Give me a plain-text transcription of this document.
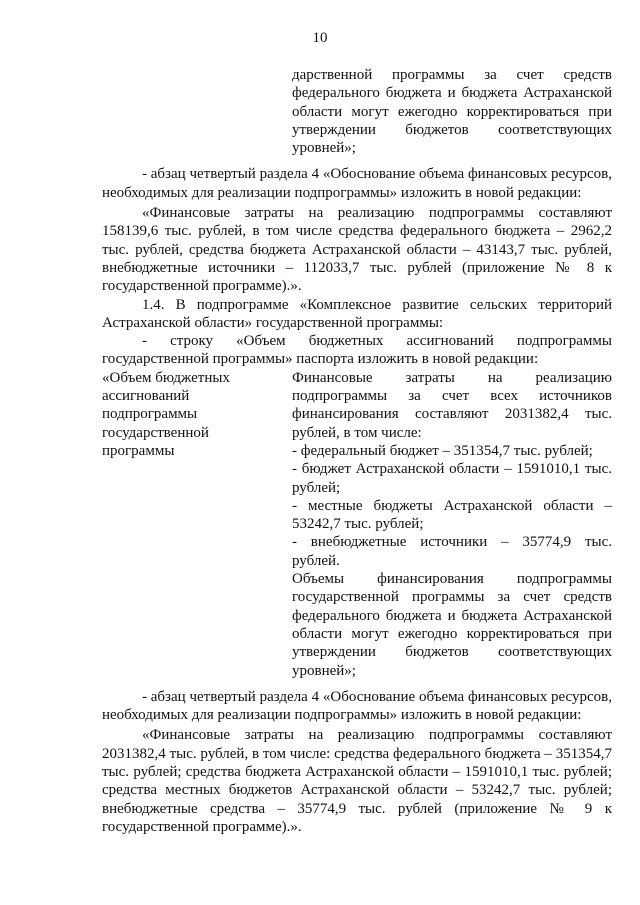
10

дарственной программы за счет средств федерального бюджета и бюджета Астраханской области могут ежегодно корректироваться при утверждении бюджетов соответствующих уровней»;

- абзац четвертый раздела 4 «Обоснование объема финансовых ресурсов, необходимых для реализации подпрограммы» изложить в новой редакции:

«Финансовые затраты на реализацию подпрограммы составляют 158139,6 тыс. рублей, в том числе средства федерального бюджета – 2962,2 тыс. рублей, средства бюджета Астраханской области – 43143,7 тыс. рублей, внебюджетные источники – 112033,7 тыс. рублей (приложение № 8 к государственной программе).».

1.4. В подпрограмме «Комплексное развитие сельских территорий Астраханской области» государственной программы:

- строку «Объем бюджетных ассигнований подпрограммы государственной программы» паспорта изложить в новой редакции:

«Объем бюджетных ассигнований подпрограммы государственной программы

Финансовые затраты на реализацию подпрограммы за счет всех источников финансирования составляют 2031382,4 тыс. рублей, в том числе:

- федеральный бюджет – 351354,7 тыс. рублей;

- бюджет Астраханской области – 1591010,1 тыс. рублей;

- местные бюджеты Астраханской области – 53242,7 тыс. рублей;

- внебюджетные источники – 35774,9 тыс. рублей.

Объемы финансирования подпрограммы государственной программы за счет средств федерального бюджета и бюджета Астраханской области могут ежегодно корректироваться при утверждении бюджетов соответствующих уровней»;

- абзац четвертый раздела 4 «Обоснование объема финансовых ресурсов, необходимых для реализации подпрограммы» изложить в новой редакции:

«Финансовые затраты на реализацию подпрограммы составляют 2031382,4 тыс. рублей, в том числе: средства федерального бюджета – 351354,7 тыс. рублей; средства бюджета Астраханской области – 1591010,1 тыс. рублей; средства местных бюджетов Астраханской области – 53242,7 тыс. рублей; внебюджетные средства – 35774,9 тыс. рублей (приложение № 9 к государственной программе).».
